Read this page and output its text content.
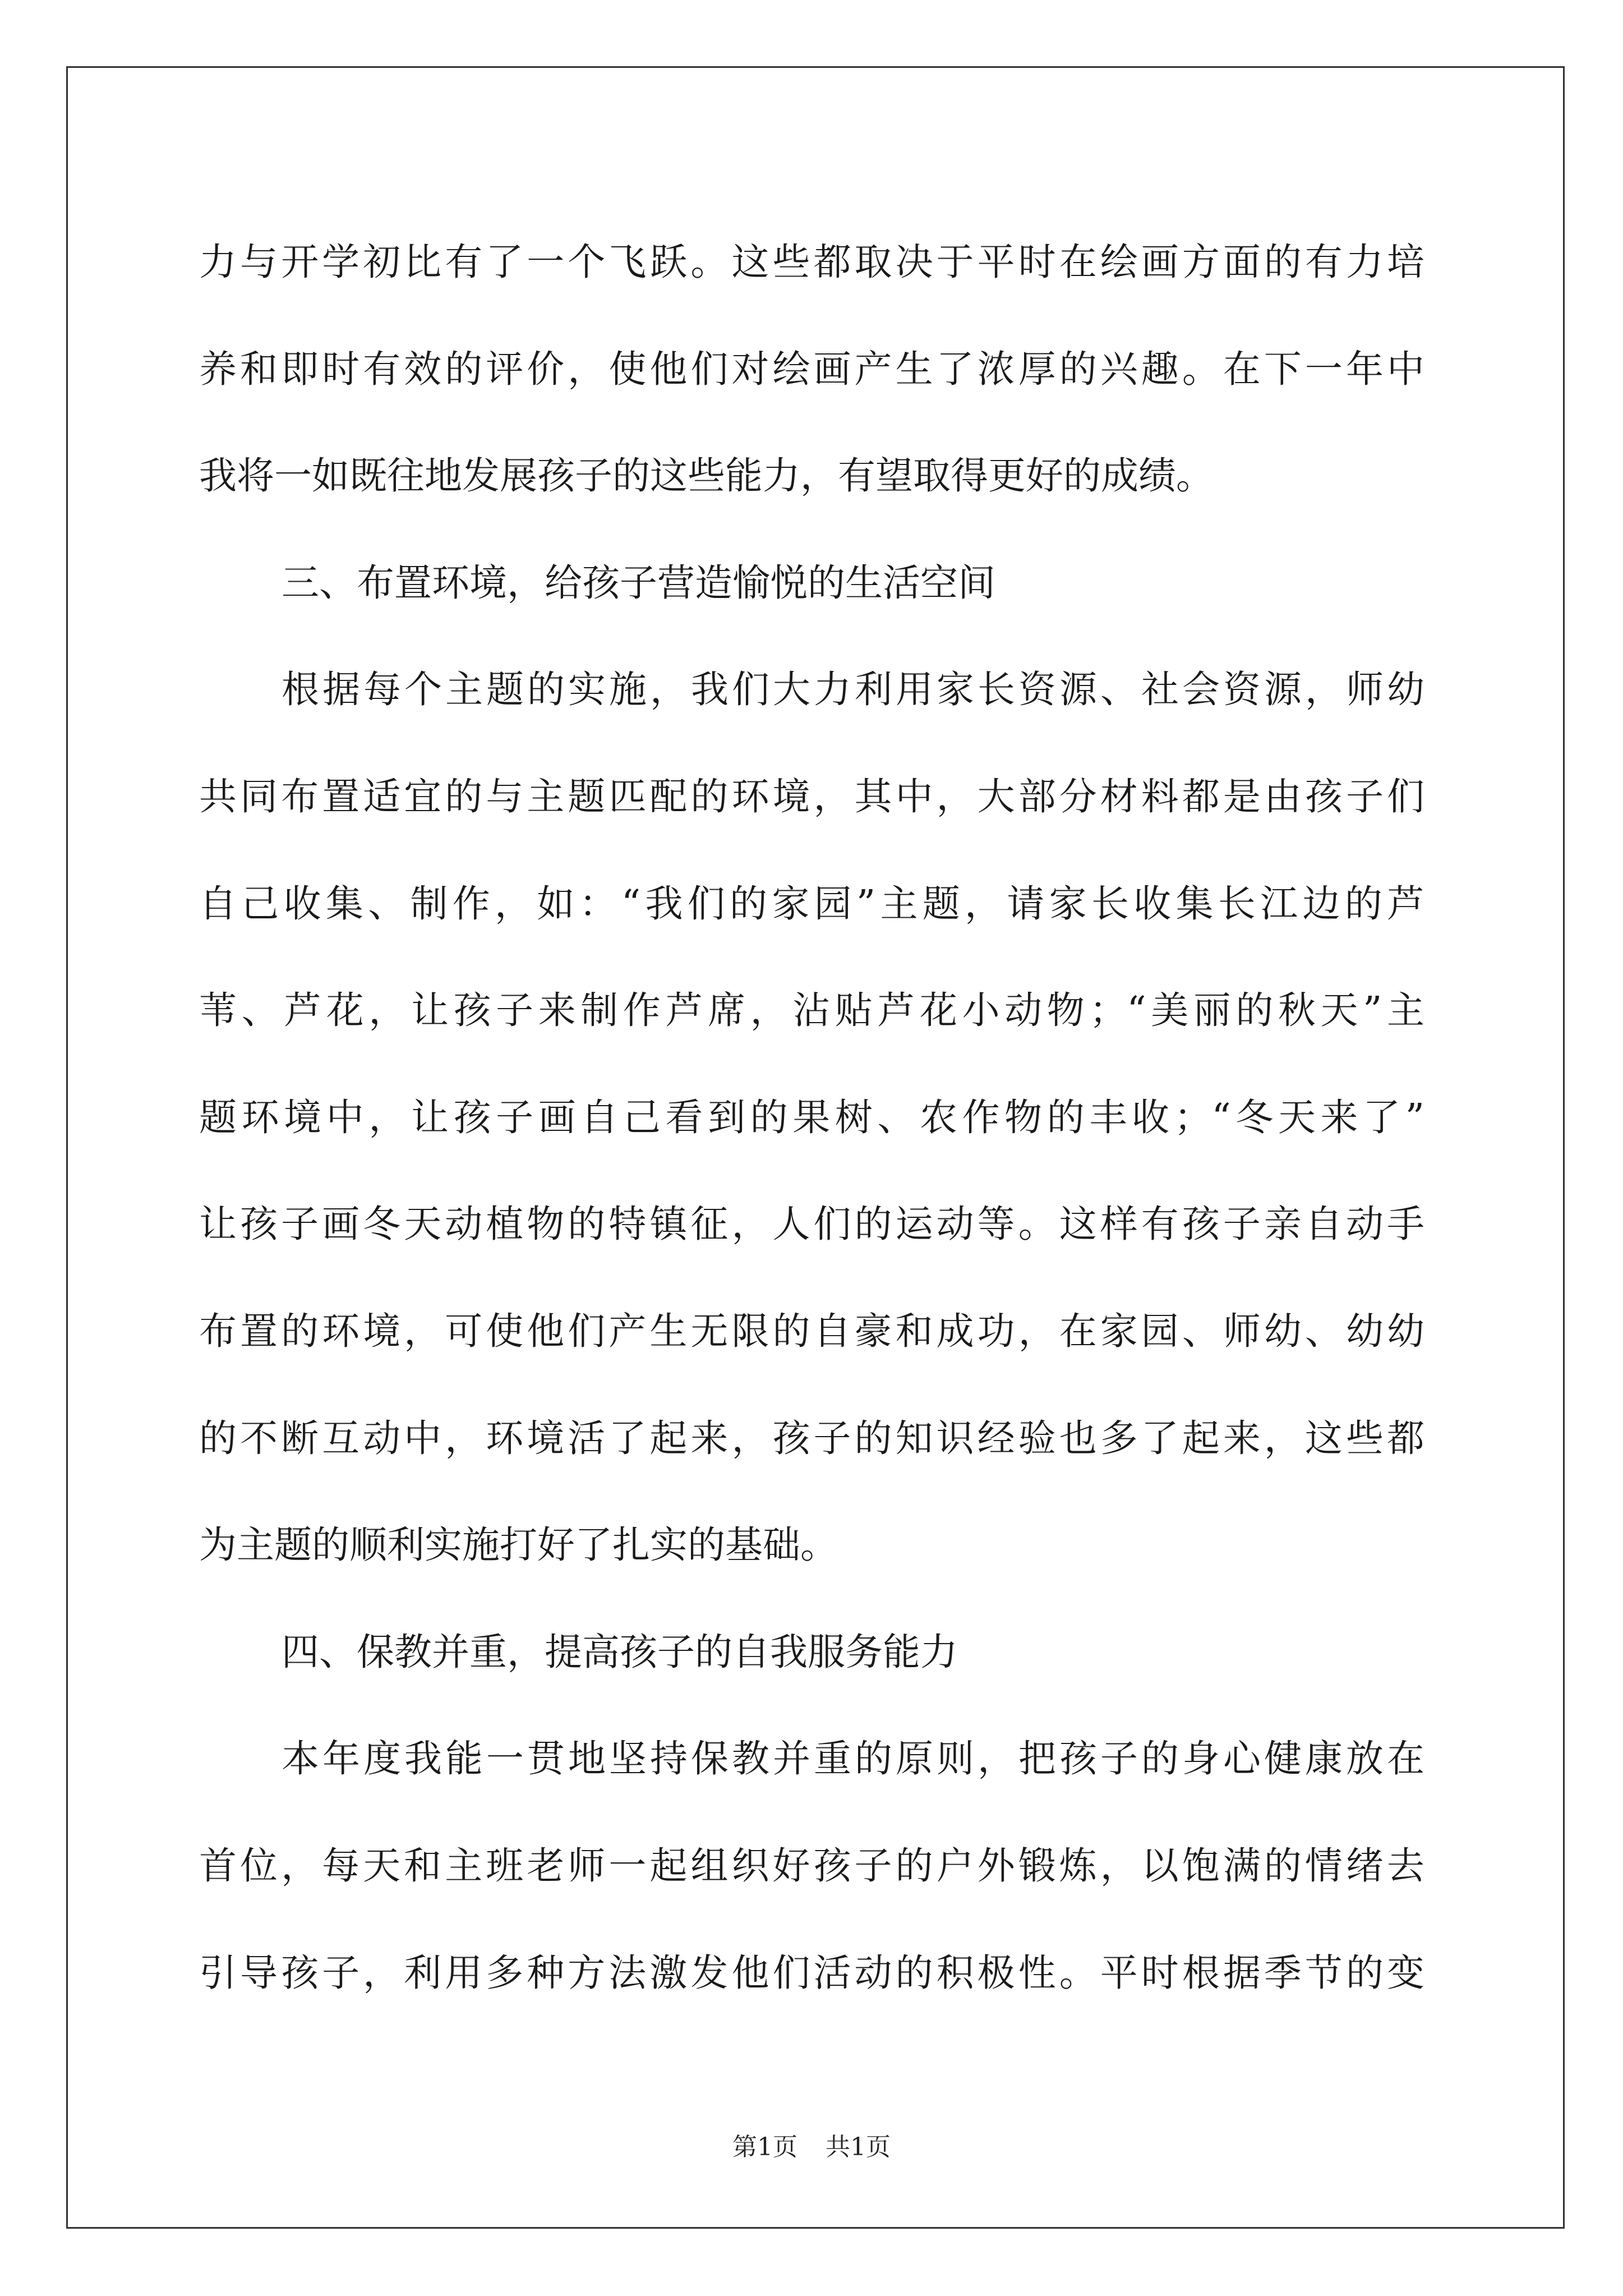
力与开学初比有了一个飞跃。这些都取决于平时在绘画方面的有力培
养和即时有效的评价，使他们对绘画产生了浓厚的兴趣。在下一年中
我将一如既往地发展孩子的这些能力，有望取得更好的成绩。
三、布置环境，给孩子营造愉悦的生活空间
根据每个主题的实施，我们大力利用家长资源、社会资源，师幼
共同布置适宜的与主题匹配的环境，其中，大部分材料都是由孩子们
自己收集、制作，如：“我们的家园”主题，请家长收集长江边的芦
苇、芦花，让孩子来制作芦席，沾贴芦花小动物；“美丽的秋天”主
题环境中，让孩子画自己看到的果树、农作物的丰收；“冬天来了”
让孩子画冬天动植物的特镇征，人们的运动等。这样有孩子亲自动手
布置的环境，可使他们产生无限的自豪和成功，在家园、师幼、幼幼
的不断互动中，环境活了起来，孩子的知识经验也多了起来，这些都
为主题的顺利实施打好了扎实的基础。
四、保教并重，提高孩子的自我服务能力
本年度我能一贯地坚持保教并重的原则，把孩子的身心健康放在
首位，每天和主班老师一起组织好孩子的户外锻炼，以饱满的情绪去
引导孩子，利用多种方法激发他们活动的积极性。平时根据季节的变
第1页 共1页
